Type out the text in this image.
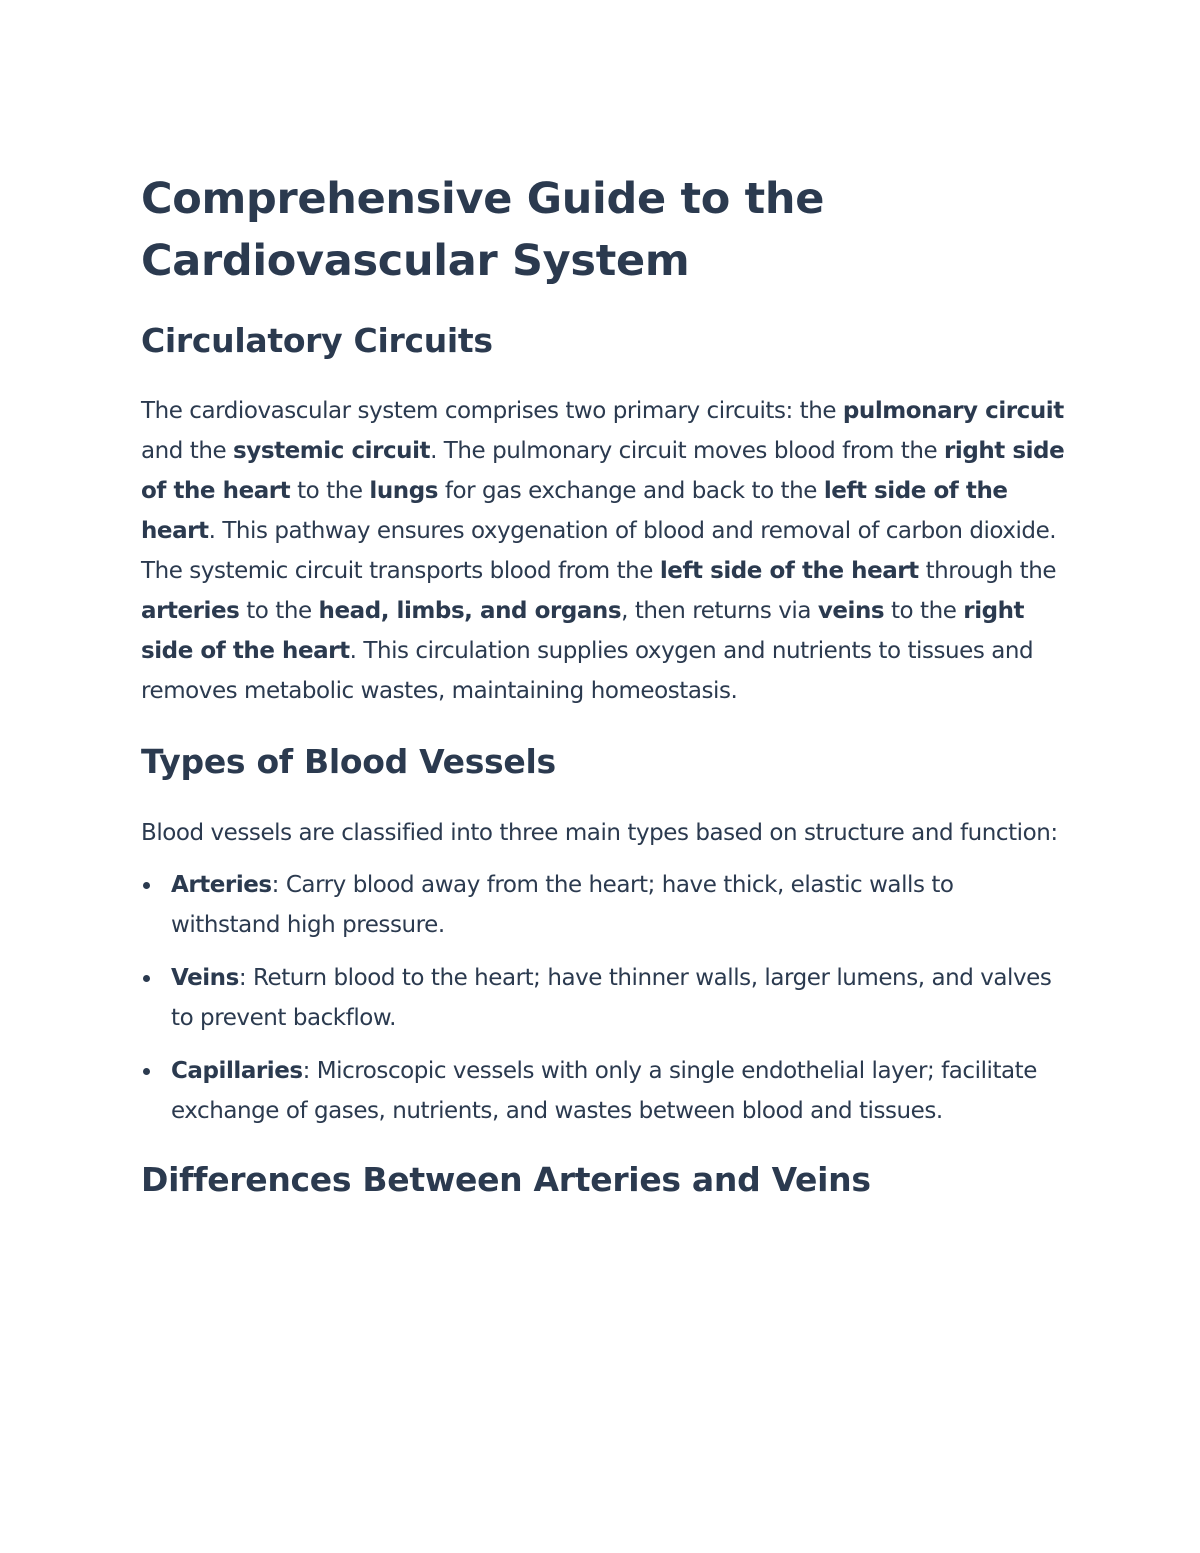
Comprehensive Guide to the Cardiovascular System
Circulatory Circuits

The cardiovascular system comprises two primary circuits: the pulmonary circuit and the systemic circuit. The pulmonary circuit moves blood from the right side of the heart to the lungs for gas exchange and back to the left side of the heart. This pathway ensures oxygenation of blood and removal of carbon dioxide. The systemic circuit transports blood from the left side of the heart through the arteries to the head, limbs, and organs, then returns via veins to the right side of the heart. This circulation supplies oxygen and nutrients to tissues and removes metabolic wastes, maintaining homeostasis.

Types of Blood Vessels

Blood vessels are classified into three main types based on structure and function:

Arteries: Carry blood away from the heart; have thick, elastic walls to withstand high pressure.
Veins: Return blood to the heart; have thinner walls, larger lumens, and valves to prevent backflow.
Capillaries: Microscopic vessels with only a single endothelial layer; facilitate exchange of gases, nutrients, and wastes between blood and tissues.
Differences Between Arteries and Veins
